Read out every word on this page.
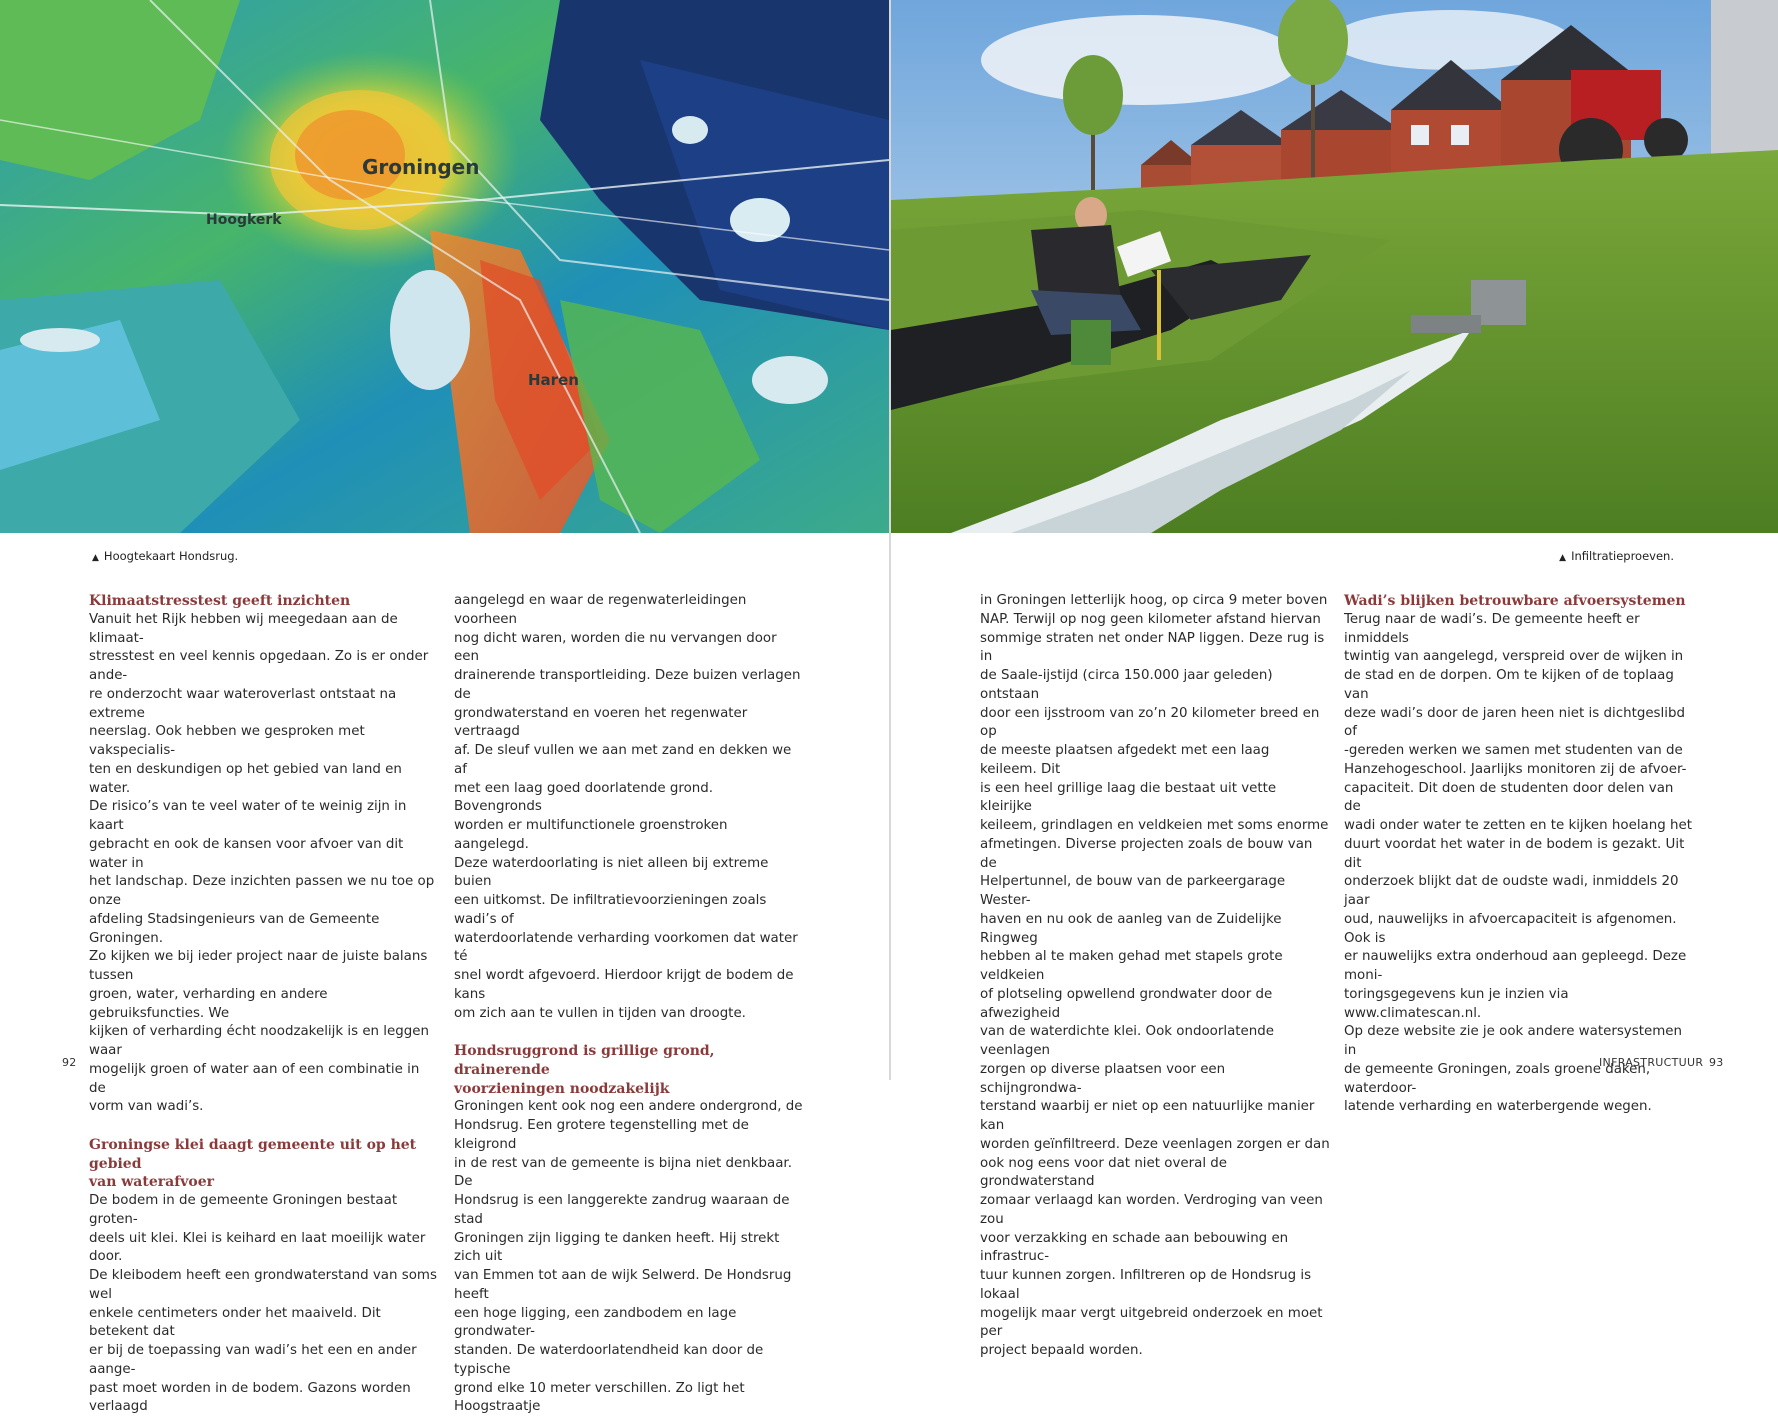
Groningen
Hoogkerk
Haren
▲ Hoogtekaart Hondsrug.
Klimaatstresstest geeft inzichten

Vanuit het Rijk hebben wij meegedaan aan de klimaat-

stresstest en veel kennis opgedaan. Zo is er onder ande-

re onderzocht waar wateroverlast ontstaat na extreme

neerslag. Ook hebben we gesproken met vakspecialis-

ten en deskundigen op het gebied van land en water.

De risico’s van te veel water of te weinig zijn in kaart

gebracht en ook de kansen voor afvoer van dit water in

het landschap. Deze inzichten passen we nu toe op onze

afdeling Stadsingenieurs van de Gemeente Groningen.

Zo kijken we bij ieder project naar de juiste balans tussen

groen, water, verharding en andere gebruiksfuncties. We

kijken of verharding écht noodzakelijk is en leggen waar

mogelijk groen of water aan of een combinatie in de

vorm van wadi’s.

Groningse klei daagt gemeente uit op het gebied
van waterafvoer

De bodem in de gemeente Groningen bestaat groten-

deels uit klei. Klei is keihard en laat moeilijk water door.

De kleibodem heeft een grondwaterstand van soms wel

enkele centimeters onder het maaiveld. Dit betekent dat

er bij de toepassing van wadi’s het een en ander aange-

past moet worden in de bodem. Gazons worden verlaagd

aangelegd en waar de regenwaterleidingen voorheen

nog dicht waren, worden die nu vervangen door een

drainerende transportleiding. Deze buizen verlagen de

grondwaterstand en voeren het regenwater vertraagd

af. De sleuf vullen we aan met zand en dekken we af

met een laag goed doorlatende grond. Bovengronds

worden er multifunctionele groenstroken aangelegd.

Deze waterdoorlating is niet alleen bij extreme buien

een uitkomst. De infiltratievoorzieningen zoals wadi’s of

waterdoorlatende verharding voorkomen dat water té

snel wordt afgevoerd. Hierdoor krijgt de bodem de kans

om zich aan te vullen in tijden van droogte.

Hondsruggrond is grillige grond, drainerende
voorzieningen noodzakelijk

Groningen kent ook nog een andere ondergrond, de

Hondsrug. Een grotere tegenstelling met de kleigrond

in de rest van de gemeente is bijna niet denkbaar. De

Hondsrug is een langgerekte zandrug waaraan de stad

Groningen zijn ligging te danken heeft. Hij strekt zich uit

van Emmen tot aan de wijk Selwerd. De Hondsrug heeft

een hoge ligging, een zandbodem en lage grondwater-

standen. De waterdoorlatendheid kan door de typische

grond elke 10 meter verschillen. Zo ligt het Hoogstraatje

92
▲ Infiltratieproeven.

in Groningen letterlijk hoog, op circa 9 meter boven

NAP. Terwijl op nog geen kilometer afstand hiervan

sommige straten net onder NAP liggen. Deze rug is in

de Saale-ijstijd (circa 150.000 jaar geleden) ontstaan

door een ijsstroom van zo’n 20 kilometer breed en op

de meeste plaatsen afgedekt met een laag keileem. Dit

is een heel grillige laag die bestaat uit vette kleirijke

keileem, grindlagen en veldkeien met soms enorme

afmetingen. Diverse projecten zoals de bouw van de

Helpertunnel, de bouw van de parkeergarage Wester-

haven en nu ook de aanleg van de Zuidelijke Ringweg

hebben al te maken gehad met stapels grote veldkeien

of plotseling opwellend grondwater door de afwezigheid

van de waterdichte klei. Ook ondoorlatende veenlagen

zorgen op diverse plaatsen voor een schijngrondwa-

terstand waarbij er niet op een natuurlijke manier kan

worden geïnfiltreerd. Deze veenlagen zorgen er dan

ook nog eens voor dat niet overal de grondwaterstand

zomaar verlaagd kan worden. Verdroging van veen zou

voor verzakking en schade aan bebouwing en infrastruc-

tuur kunnen zorgen. Infiltreren op de Hondsrug is lokaal

mogelijk maar vergt uitgebreid onderzoek en moet per

project bepaald worden.

Wadi’s blijken betrouwbare afvoersystemen

Terug naar de wadi’s. De gemeente heeft er inmiddels

twintig van aangelegd, verspreid over de wijken in

de stad en de dorpen. Om te kijken of de toplaag van

deze wadi’s door de jaren heen niet is dichtgeslibd of

-gereden werken we samen met studenten van de

Hanzehogeschool. Jaarlijks monitoren zij de afvoer-

capaciteit. Dit doen de studenten door delen van de

wadi onder water te zetten en te kijken hoelang het

duurt voordat het water in de bodem is gezakt. Uit dit

onderzoek blijkt dat de oudste wadi, inmiddels 20 jaar

oud, nauwelijks in afvoercapaciteit is afgenomen. Ook is

er nauwelijks extra onderhoud aan gepleegd. Deze moni-

toringsgegevens kun je inzien via www.climatescan.nl.

Op deze website zie je ook andere watersystemen in

de gemeente Groningen, zoals groene daken, waterdoor-

latende verharding en waterbergende wegen.

INFRASTRUCTUUR 93
